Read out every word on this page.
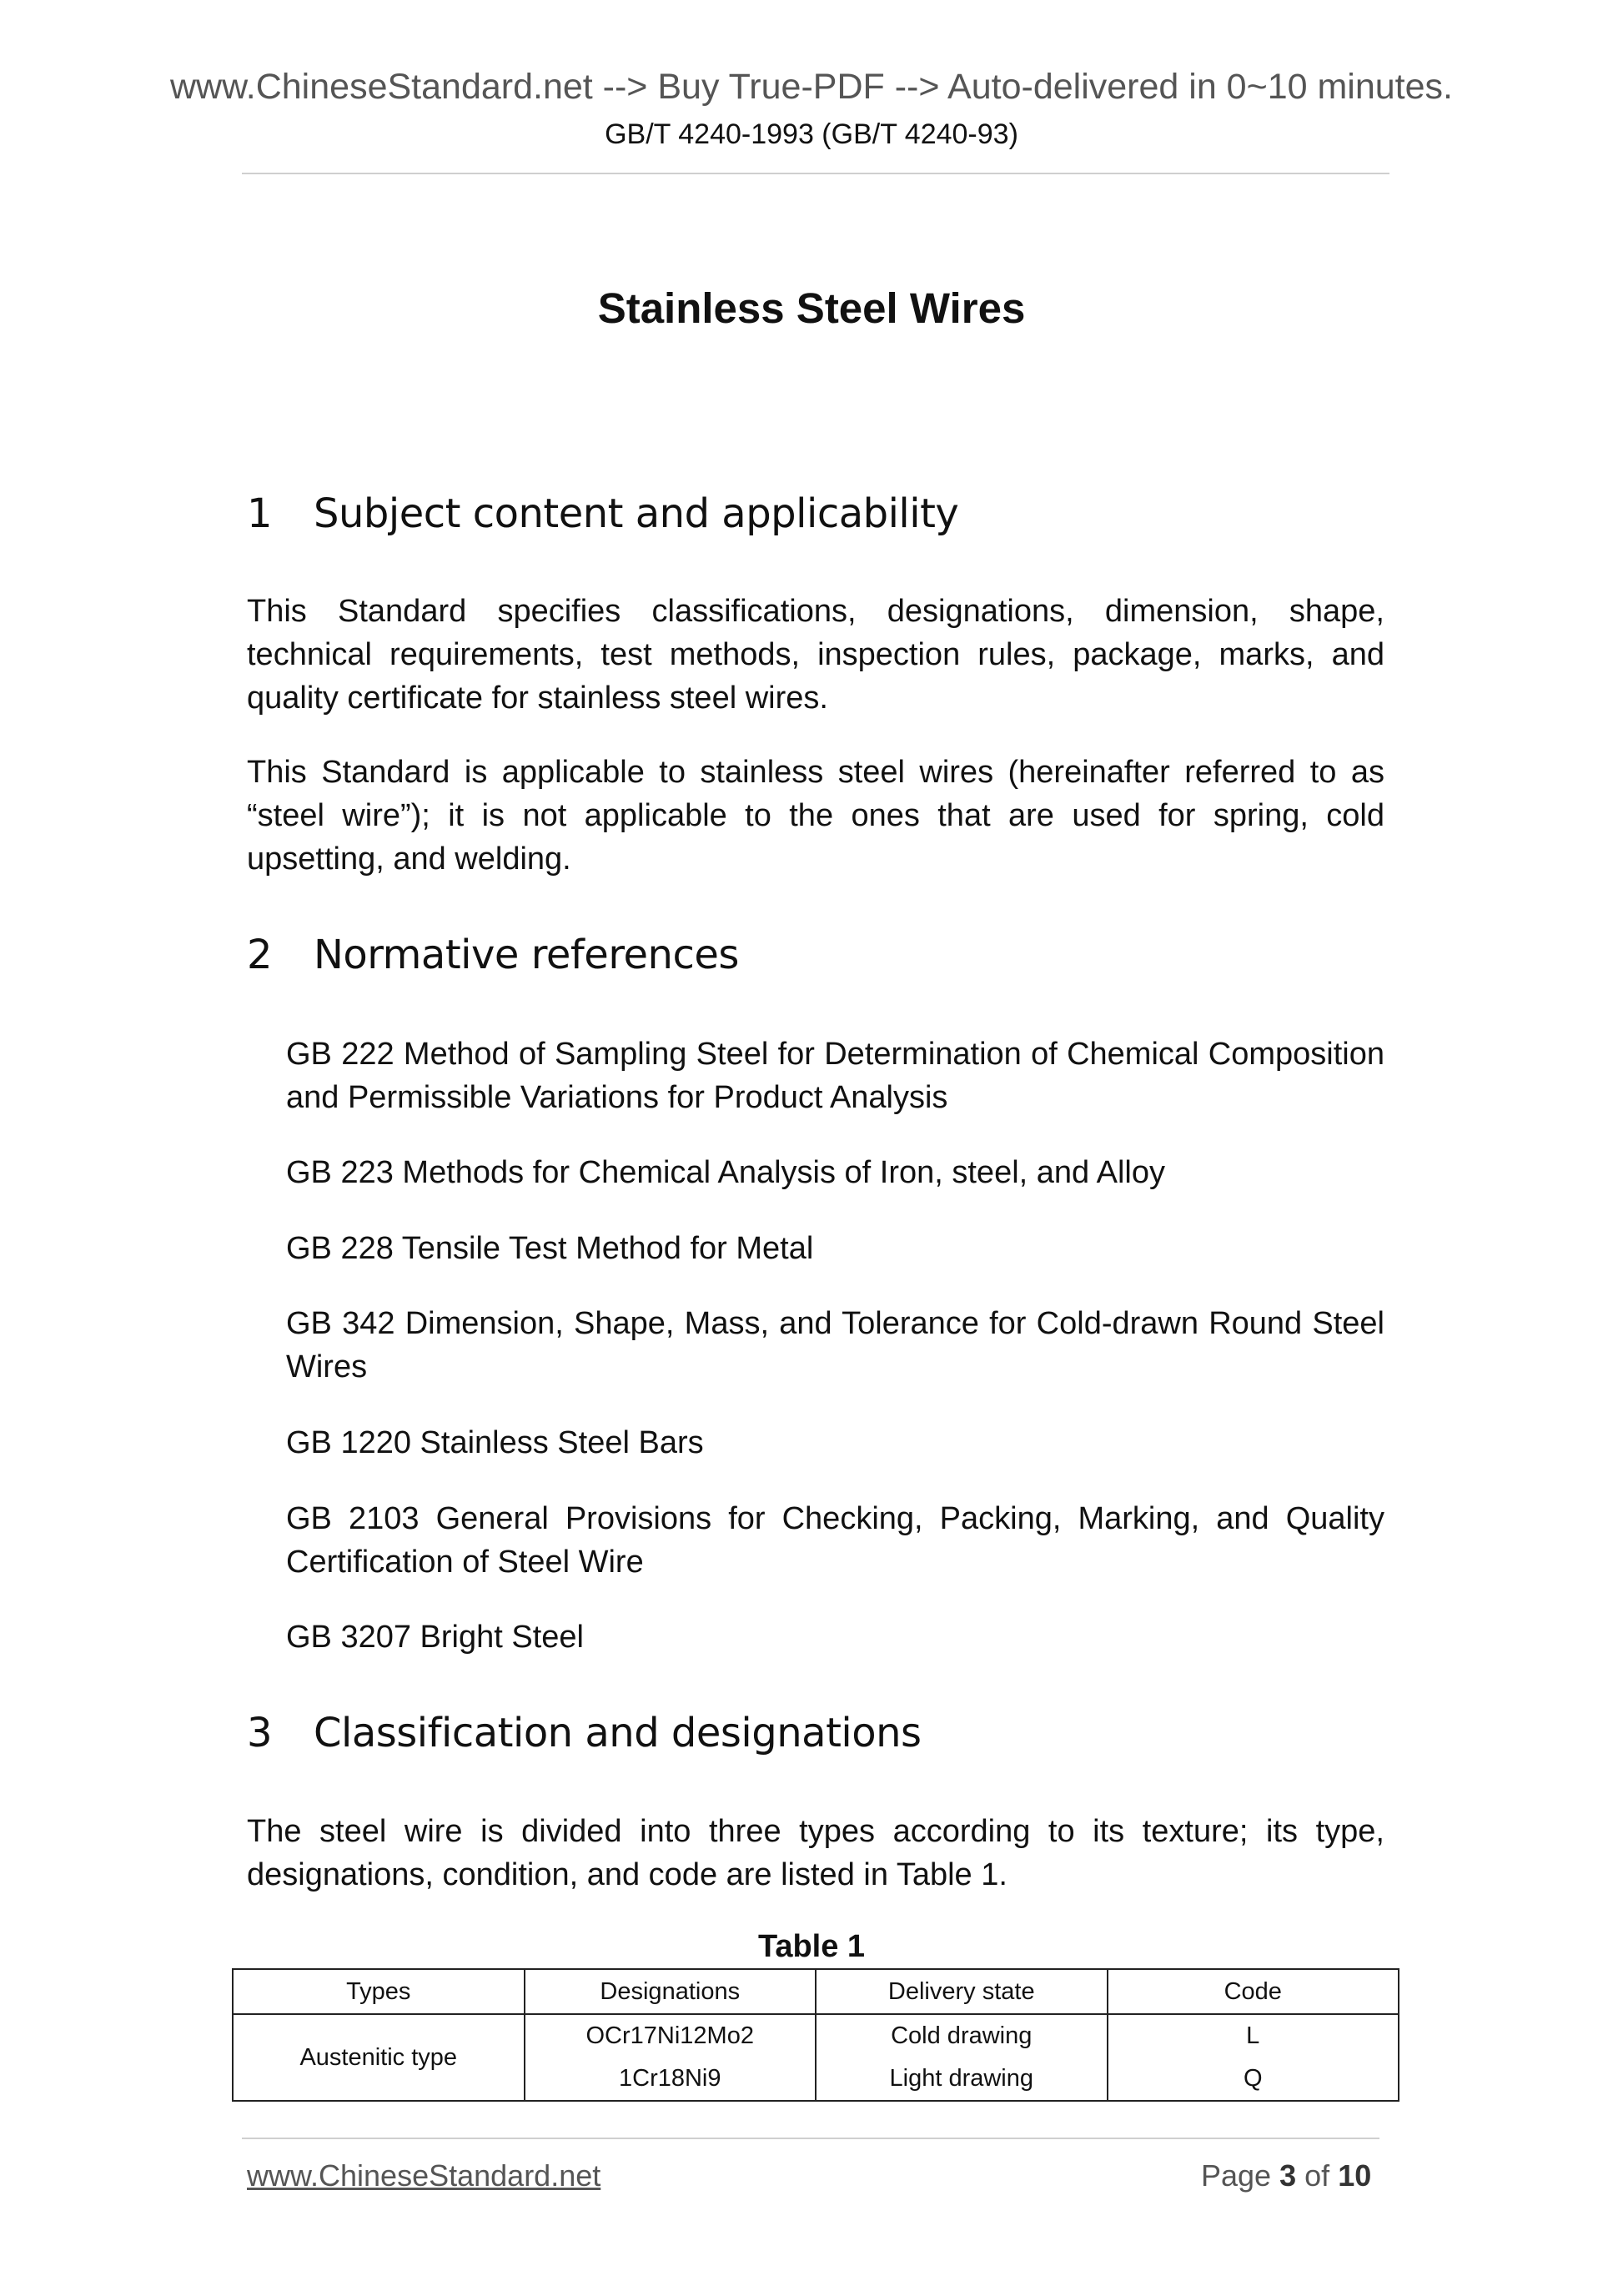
www.ChineseStandard.net --> Buy True-PDF --> Auto-delivered in 0~10 minutes.
GB/T 4240-1993 (GB/T 4240-93)
Stainless Steel Wires
1 Subject content and applicability
This Standard specifies classifications, designations, dimension, shape, technical requirements, test methods, inspection rules, package, marks, and quality certificate for stainless steel wires.
This Standard is applicable to stainless steel wires (hereinafter referred to as “steel wire”); it is not applicable to the ones that are used for spring, cold upsetting, and welding.
2 Normative references
GB 222 Method of Sampling Steel for Determination of Chemical Composition and Permissible Variations for Product Analysis
GB 223 Methods for Chemical Analysis of Iron, steel, and Alloy
GB 228 Tensile Test Method for Metal
GB 342 Dimension, Shape, Mass, and Tolerance for Cold-drawn Round Steel Wires
GB 1220 Stainless Steel Bars
GB 2103 General Provisions for Checking, Packing, Marking, and Quality Certification of Steel Wire
GB 3207 Bright Steel
3 Classification and designations
The steel wire is divided into three types according to its texture; its type, designations, condition, and code are listed in Table 1.
Table 1
Types	Designations	Delivery state	Code
Austenitic type	OCr17Ni12Mo2	Cold drawing	L
	1Cr18Ni9	Light drawing	Q
www.ChineseStandard.net	Page 3 of 10
